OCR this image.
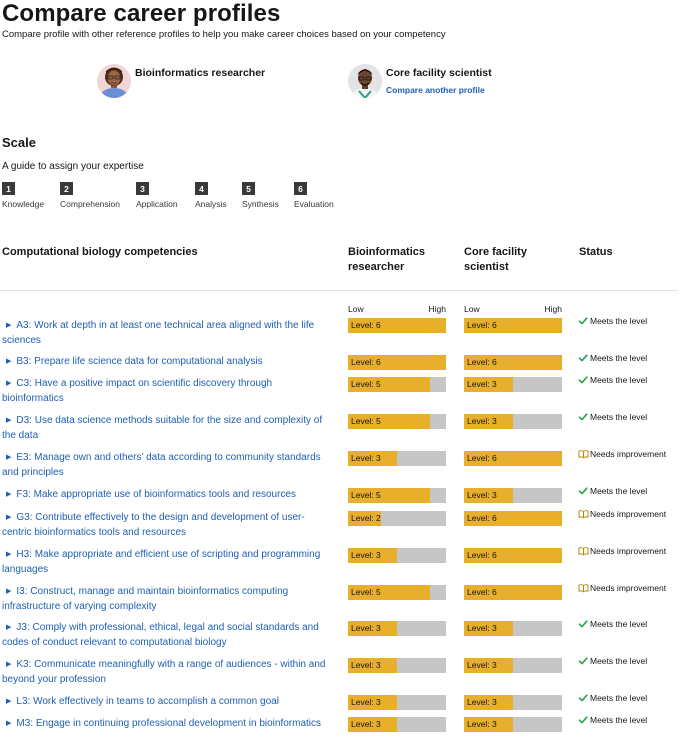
Compare career profiles
Compare profile with other reference profiles to help you make career choices based on your competency
Bioinformatics researcher	Core facility scientist
Compare another profile
Scale
A guide to assign your expertise
1
Knowledge
2
Comprehension
3
Application
4
Analysis
5
Synthesis
6
Evaluation
Computational biology competencies	Bioinformatics researcher
Core facility scientist
Status
Low	High Low	High
▶ A3: Work at depth in at least one technical area aligned with the life sciences
Level: 6	Level: 6	Meets the level
▶ B3: Prepare life science data for computational analysis	Level: 6	Level: 6	Meets the level
▶ C3: Have a positive impact on scientific discovery through bioinformatics
Level: 5	Level: 3	Meets the level
▶ D3: Use data science methods suitable for the size and complexity of the data
Level: 5	Level: 3	Meets the level
▶ E3: Manage own and others’ data according to community standards and principles
Level: 3	Level: 6	Needs improvement
▶ F3: Make appropriate use of bioinformatics tools and resources	Level: 5	Level: 3	Meets the level
▶ G3: Contribute effectively to the design and development of user-centric bioinformatics tools and resources
Level: 2	Level: 6	Needs improvement
▶ H3: Make appropriate and efficient use of scripting and programming languages
Level: 3	Level: 6	Needs improvement
▶ I3: Construct, manage and maintain bioinformatics computing infrastructure of varying complexity
Level: 5	Level: 6	Needs improvement
▶ J3: Comply with professional, ethical, legal and social standards and codes of conduct relevant to computational biology
Level: 3	Level: 3	Meets the level
▶ K3: Communicate meaningfully with a range of audiences - within and beyond your profession
Level: 3	Level: 3	Meets the level
▶ L3: Work effectively in teams to accomplish a common goal	Level: 3	Level: 3	Meets the level
▶ M3: Engage in continuing professional development in bioinformatics	Level: 3	Level: 3	Meets the level
